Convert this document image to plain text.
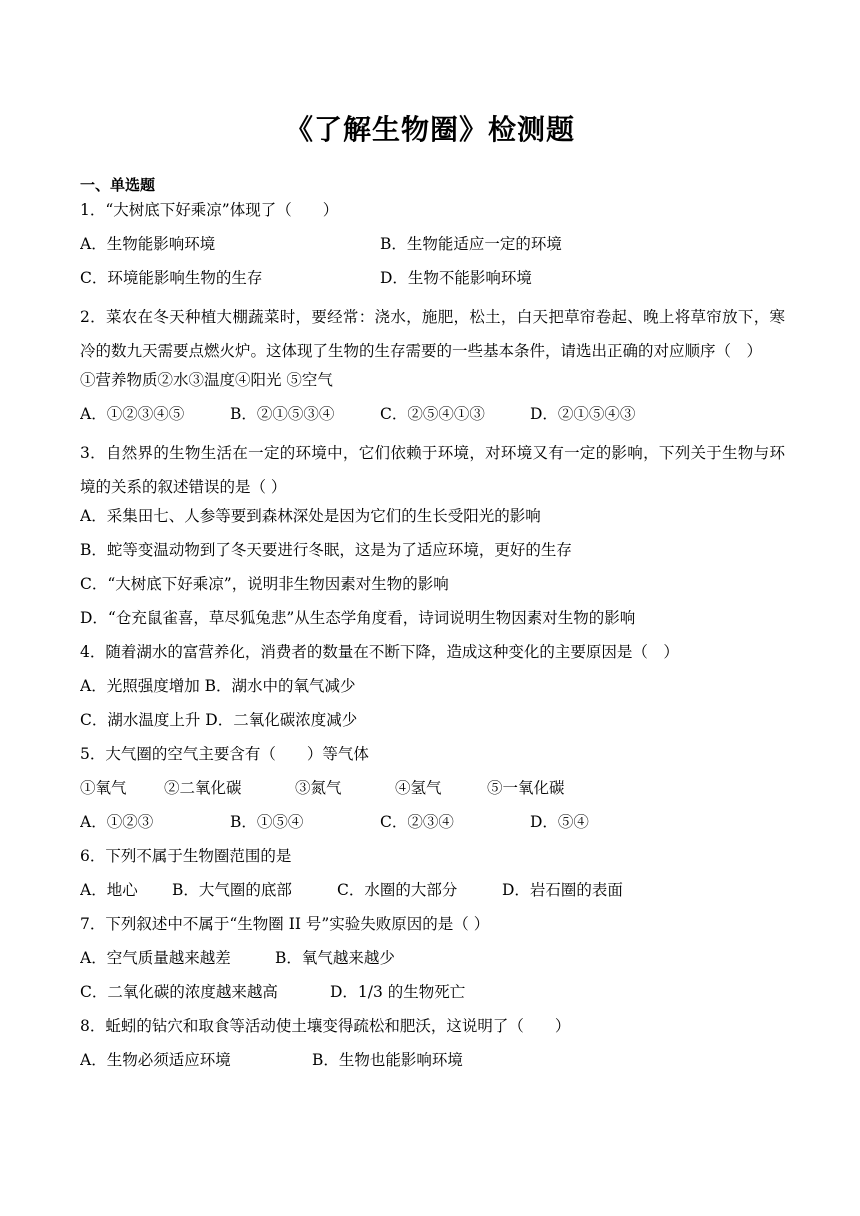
《了解生物圈》检测题
一、单选题
1．“大树底下好乘凉”体现了（　　）
A．生物能影响环境	B．生物能适应一定的环境
C．环境能影响生物的生存	D．生物不能影响环境
2．菜农在冬天种植大棚蔬菜时，要经常：浇水，施肥，松土，白天把草帘卷起、晚上将草帘放下，寒冷的数九天需要点燃火炉。这体现了生物的生存需要的一些基本条件，请选出正确的对应顺序（　）
①营养物质②水③温度④阳光 ⑤空气
A．①②③④⑤	B．②①⑤③④	C．②⑤④①③	D．②①⑤④③
3．自然界的生物生活在一定的环境中，它们依赖于环境，对环境又有一定的影响，下列关于生物与环境的关系的叙述错误的是（ ）
A．采集田七、人参等要到森林深处是因为它们的生长受阳光的影响
B．蛇等变温动物到了冬天要进行冬眠，这是为了适应环境，更好的生存
C．“大树底下好乘凉”，说明非生物因素对生物的影响
D．“仓充鼠雀喜，草尽狐兔悲”从生态学角度看，诗词说明生物因素对生物的影响
4．随着湖水的富营养化，消费者的数量在不断下降，造成这种变化的主要原因是（　）
A．光照强度增加 B．湖水中的氧气减少
C．湖水温度上升 D．二氧化碳浓度减少
5．大气圈的空气主要含有（　　）等气体
①氧气	②二氧化碳	③氮气	④氢气	⑤一氧化碳
A．①②③	B．①⑤④	C．②③④	D．⑤④
6．下列不属于生物圈范围的是
A．地心	B．大气圈的底部	C．水圈的大部分	D．岩石圈的表面
7．下列叙述中不属于“生物圈 II 号”实验失败原因的是（ ）
A．空气质量越来越差	B．氧气越来越少
C．二氧化碳的浓度越来越高	D．1/3 的生物死亡
8．蚯蚓的钻穴和取食等活动使土壤变得疏松和肥沃，这说明了（　　）
A．生物必须适应环境	B．生物也能影响环境
